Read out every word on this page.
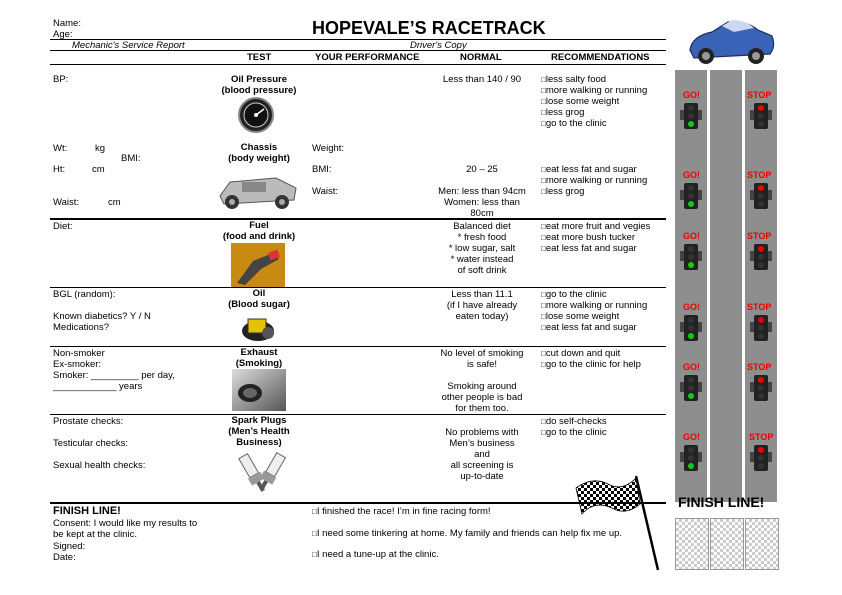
Name:
Age:	HOPEVALE’S RACETRACK
Mechanic's Service Report	Driver's Copy
TEST	YOUR PERFORMANCE	NORMAL	RECOMMENDATIONS
BP:	Oil Pressure
(blood pressure)
Less than 140 / 90
□	less salty food
□ more walking or running
□ lose some weight
□ less grog
□ go to the clinic
Wt:	kg
BMI:
Ht:	cm
Waist:	cm
Chassis
(body weight)
Weight:
BMI:
Waist:
20 – 25
Men: less than 94cm
Women: less than
80cm
□ eat less fat and sugar
□ more walking or running
□ less grog
Diet:	Fuel
(food and drink)
Balanced diet
* fresh food
* low sugar, salt
* water instead
of soft drink
□ eat more fruit and vegies
□ eat more bush tucker
□ eat less fat and sugar
BGL (random):
Known diabetics? Y / N
Medications?
Oil
(Blood sugar)
Less than 11.1
(if I have already
eaten today)
□ go to the clinic
□ more walking or running
□ lose some weight
□ eat less fat and sugar
Non-smoker
Ex-smoker:
Smoker: _________ per day,
____________ years
Exhaust
(Smoking)
No level of smoking
is safe!
Smoking around
other people is bad
for them too.
□ cut down and quit
□ go to the clinic for help
Prostate checks:
Testicular checks:
Sexual health checks:
Spark Plugs
(Men’s Health
Business)
No problems with
Men’s business
and
all screening is
up-to-date
□ do self-checks
□ go to the clinic
FINISH LINE!
Consent: I would like my results to
be kept at the clinic.
Signed:
Date:
□ I finished the race! I’m in fine racing form!
□ I need some tinkering at home. My family and friends can help fix me up.
□ I need a tune-up at the clinic.
GO!	STOP
GO!	STOP
GO!	STOP
GO!	STOP
GO!	STOP
GO!	STOP
FINISH LINE!
